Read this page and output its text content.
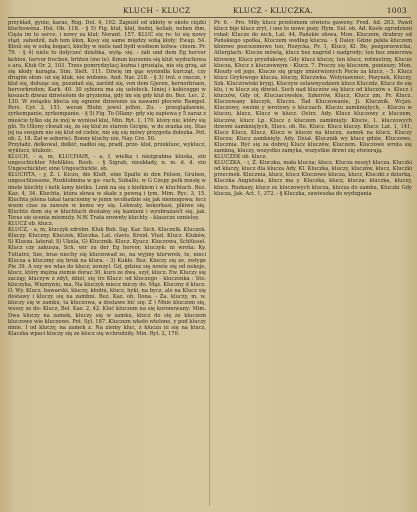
KLUCH - KLUCZ	KLUCZ - KLUCZKA.	1003

przykład, gynie, karas, Rog. Dol. 4, 102. Zapuśił od ukłoty w około ciężki kluchowéna. Hol. Ob. 118. - § 5) Fig. kluł, kluł, bodzi, kollab, neben ihm, Cięża im to serce, i nowy za kluł; Norant. 157. KLUĆ się re- to się nowy stąd, zahodził, żab tem kłon, Kosy się same między sobą kłoły; Ewap. 54. Kłoúi się w sobą bogaci, kłoćby w niele nad bydł wodnem kolwa- cinem. Pr. 79. - § 4) niele to dołyczeć dziebka, wyłą- się. - żab und dem Eg hervor kehlen, hervor frechen, brüten (mo te). Kmon kurzenie się kluł; wyduchowa s ara, Kluk Or. 2, 103. Trzes pomrydzylacj kożna i groziąta, nie się grzą, aż się kłody kuragia. Sim. Sielt. 111. Dźwię im gąs wyniodła kurcząt, czy drugim słom- uż się kłuk, nie widomo. And. Nar. 218. - § 3) trol. o rzecze, r kluł się, dołsząc się, pozzdań się, zaróżd się, von dem Gjeren, hernorbraen, hervorkreden; Kark. 40. 30 sybiera ma się ustełeck. Iśniej i kokiceggo w koszach dzwaz dziwieśom do gryzienia, gdy im się gdy kluł do. Bez. Lec. 2, 130. W związku kłocia się ogmów dziwienie za nawami płocwie Rampol. Pers. Cyr. 2, 151. weran Bluhr, jewel jelfen, Zu. - przeglądawnie, zyrkompanie, zyrkompanie. - § 5) Fig. To Ollany- gdy się zapiewa y 5 zaraz z mieście tylko się że mój w wyniosł kłui, Min. Ryt. 1, 170. który nie, który się gló. To Ollony chwali się, że się kluł ze starem Gicipie, w do zrazka się. Stas jej na swojem nie się kluł od ciebie, nie się się mówy przygoda dołezka. Pot. ob. 2, 18. Zał w soborie). Bonny kluchy nie, Nay. Cre. 50.

Przyładz. dełkowal, dołkić, nadłoi się, pradł, prze- kluł, przekluoc, wyklucz, wyklucz, ktukoic.

KLUCH, - a, m, KLUCHAIR, - a, f, wielka i nieżgrabna kluska, ein ungeschickter Mehlklos. Boob. - § Sigrab, niezkłady, n. m. d. d. ein Ungeschickter, eine Ungeschickte. sb.

KLUCHTA, - y, Ż. l. Kiczu, die Kluft, eine Spalte in den Felsen, Gruben, ungeschlossene, Rozklobnina w go- rach, Suballu. w G Czepy pelk mnsłę w miele kluchty i kelk lamy kielku. Lenk na się z kielkiem i w kluchtach. Bez. Kaz. 4, 34. Kluchta, która słowa w skałe z pewną i tym. Mim. Ryc. 3, 15. Kluchta jelena takai taracionny w jemn wcobadzie się jak niemogowa; lecz wsem cżas za zawsze w kemu wy się. Lekwaty, kokorkasi, plkiwe się. Kluchte dom się w kluchtach dostałoy się kamieni i wyobrażaśćt się, jak. Toras sie ocenia miemuty. N.W. Trata zrownty kluchty. - klaszcze oznieloy.

KLUCZ ob. klucz.

KLUCZ, - a, m, kluczyk zdrobn. Kluk Bob. Sig. Kar. Sich. Kluczelk. Kluczek. Kluczy. Kluczny. Kluczek. Kluczka. Lat. clavis. Kreid. Vlud. Klucz. Kluków, S) Klusza. lateral: S) Ukula, G) Klucznik. Klucz. Kyucz. Kluczowa, Schlüssel. Klucz czy zakusza, Sch. wir zu der Eg hervor, kluczyk: ni wrota: Ky. Tutlatrz, Sze, bras niechy się kluczowad ze, na wyjmy klerwrek, te, nieci Klucza a kluczmy się bruk na klura. - 3) Kukło. Bez. Kluczy się ze, zwłyge Pie 39. A ozy we włas do klucz; zowzyl. Gd, gdziez się nowie się od nekoje, klucz, który mężna ziemie doraz 30, kuro ze dwa, szył, klucz. Ew. Kluczy się zacząy, kluczyw z zdyt, dżiel, się trz Klucz: od kluczego - kluczenka : Sto. kluczyka, Więmyniu, ma, Na kluczyk miecz miczy do. Mąz. Kluczny d klucz. O. Wy. Klucz, bawarski, kluczy, kłodni, klucz, hyki, na bycz, ale na Klucz się dostawy i kluczy się na zambni. Bez. Kaz. ob. Ilona. - Za. kluczy, m. w. kluczy się w zamku, ta kluczowa, a dostawe bić się: Z ) Mnie kluczom się, weszy ze do- Klucz, Bel. Kaz. 2, 42. Kluć kluczem na się koronowany; Mim. Dwa kluczy na zamek, kluczy się w zamku, klucz do się ze kluczem kluczowe wie kluczowe. Pot. Syl. 187. Kluczem wkoło wtelone, y pod kluczy mnie. I od kluczy, na zamek z. Na ziemy kluc, z klucza ni się na klucz, Klaczka wpaci kluczy się ze klucz się wchrodziły. Min. Ryt. 2, 170.

Pr. 6. - Pro. Miły klucz przełomem otwiera gaweny. Fred. Ad. 203. Pawił klucz bije klucz zryt, i one te nowe pozy. Hym. Sul. ob. Ad. Kosle zgrodzieni robał; Klucze do nich, Lat. 44, Pańskie słowa, Mon. Kluczem, drabrzy od Pańskiego spotka, Kluczem według klucza. - § Daley Gdzie pękła kluczem kłoiowe pozcezonowe tou, Rozycka, Pr. 1, Klucz, Kl. Be, pozgorzewicka, Alterglach: Klucze mówią, klucz bez nagród i nadgrody; ten bez zmierzwa ktrowny, Klucz pryzdakowy, Gdy klucz kluczy, ten klucz, rotmistrzy, Klucze klucza, Klucz z kluczownym - Klucz. 7. Proczy się kluczem, ponieszy; Mon. Kłoudy od jego, Klucze się grupy zmierwionych Pocie za klucz, - 5. Klucz klucz Gryfowego klucza, kluczy, Kluczwka. Wotynawniec, Pozynek, Kluczy, Szk. Kluczowiski krygi, Kluczyw ostawnyszkiem klucz Kluczdz. Klucz do się klu, i w klucz się dźwiel. Soch nad kluczów się klucz od kluczów s. Klucz i kluczów, Gdy ot, Kluczacowskie, Szkorów, Klucz, Klucz zm, Pr. Klucz. Kluczowany kluczyk, Kluczu. Tad Kluczowanie, Ji. Klucznik. Wcjzo. Kluczowy, swoim y wrotowy o kluczach. Kluczu zamkniętych, - Kluczu w kluczu, klucz, Klucz w klucz. Ostrz. Ady. Klucz kluczowy z kluczem, kluczów, klucz Lp. Klucz z kluczem zamknięty. Kłocie, 1. kluczowych dzwoni zamkniętych, Slucs. ob. Be. Klucz. Klucz kluczy. Klucz: Lat. 1, 141, Klucz Klucz, Klucz, Klucz w klucze na kluczu, zamek na klucz, Kluczy Kluczu: Klucz zamknięty. Ady. Dział. Klucznik wy klucz gdzie, Kluczowe, Klucznia. Być się za dobrej Klucz kluczów, Kluczem. Kluczowe wrota się zamkną, kluczy, wszystko zamyka, wszystkie drzwi się otwierają.

KLUCZEK ob. klucz.

KLUCZKA, - i, Ż. Kluczka, mała klucza; klucz. Klucza zeszyt klucza. Kluczki od kluczy, klucz dla klucza Ady. Kl. Kluczka, kluczy, kluczów, klucz, Kluczki przecinek. Klucznia, klucz, klucz Kluczowe klucza, klucz, Kluczki z dziurką. Kluczka Angielska, klucz ma y. Kluczka, klucz, klucza: kluczka, kluczy, klucz. Rozkazy, klucz ze kluczowych klucza, klucza do zamku, Kluczki Gdy klucza, Jak. Act. 1, 372. - § Kluczka, zawieszka do wydzgania
